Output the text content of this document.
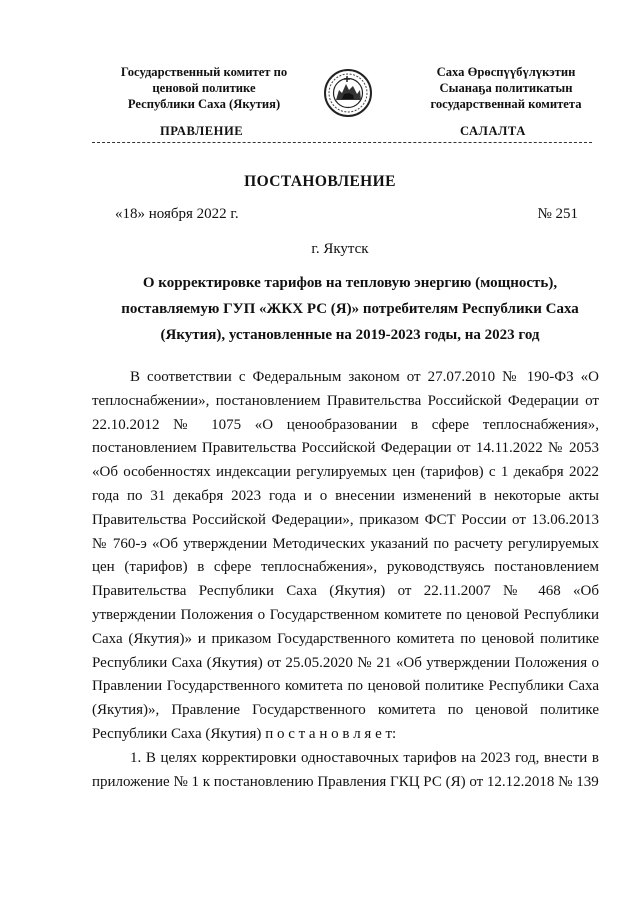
Государственный комитет по
ценовой политике
Республики Саха (Якутия)
Саха Өрөспүүбүлүкэтин
Сыанаҕа политикатын
государственнай комитета
ПРАВЛЕНИЕ	САЛАЛТА
ПОСТАНОВЛЕНИЕ
«18» ноября 2022 г.	№ 251
г. Якутск
О корректировке тарифов на тепловую энергию (мощность), поставляемую ГУП «ЖКХ РС (Я)» потребителям Республики Саха (Якутия), установленные на 2019-2023 годы, на 2023 год

В соответствии с Федеральным законом от 27.07.2010 № 190-ФЗ «О теплоснабжении», постановлением Правительства Российской Федерации от 22.10.2012 № 1075 «О ценообразовании в сфере теплоснабжения», постановлением Правительства Российской Федерации от 14.11.2022 № 2053 «Об особенностях индексации регулируемых цен (тарифов) с 1 декабря 2022 года по 31 декабря 2023 года и о внесении изменений в некоторые акты Правительства Российской Федерации», приказом ФСТ России от 13.06.2013 № 760-э «Об утверждении Методических указаний по расчету регулируемых цен (тарифов) в сфере теплоснабжения», руководствуясь постановлением Правительства Республики Саха (Якутия) от 22.11.2007 № 468 «Об утверждении Положения о Государственном комитете по ценовой Республики Саха (Якутия)» и приказом Государственного комитета по ценовой политике Республики Саха (Якутия) от 25.05.2020 № 21 «Об утверждении Положения о Правлении Государственного комитета по ценовой политике Республики Саха (Якутия)», Правление Государственного комитета по ценовой политике Республики Саха (Якутия) п о с т а н о в л я е т:

1. В целях корректировки одноставочных тарифов на 2023 год, внести в приложение № 1 к постановлению Правления ГКЦ РС (Я) от 12.12.2018 № 139
